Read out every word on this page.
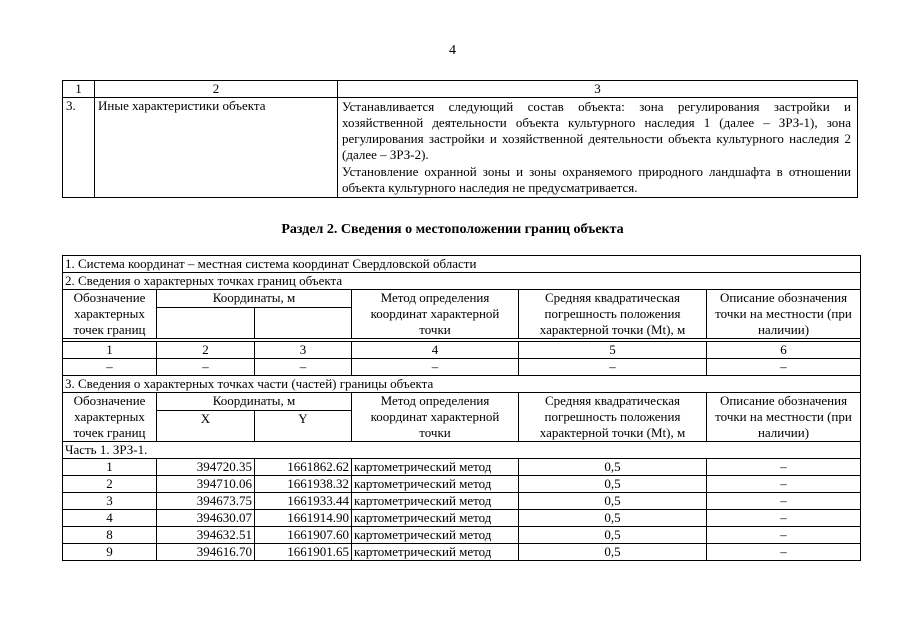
4
1	2	3
3.	Иные характеристики объекта	Устанавливается следующий состав объекта: зона регулирования застройки и хозяйственной деятельности объекта культурного наследия 1 (далее – ЗРЗ-1), зона регулирования застройки и хозяйственной деятельности объекта культурного наследия 2 (далее – ЗРЗ-2).

Установление охранной зоны и зоны охраняемого природного ландшафта в отношении объекта культурного наследия не предусматривается.

Раздел 2. Сведения о местоположении границ объекта
1. Система координат – местная система координат Свердловской области					
2. Сведения о характерных точках границ объекта					
Обозначение характерных точек границ	Координаты, м		Метод определения координат характерной точки	Средняя квадратическая погрешность положения характерной точки (Mt), м	Описание обозначения точки на местности (при наличии)

1	2	3	4	5	6
–	–	–	–	–	–
3. Сведения о характерных точках части (частей) границы объекта					
Обозначение характерных точек границ	Координаты, м		Метод определения координат характерной точки	Средняя квадратическая погрешность положения характерной точки (Mt), м	Описание обозначения точки на местности (при наличии)
	X	Y			
Часть 1. ЗРЗ-1.					
1	394720.35	1661862.62	картометрический метод	0,5	–
2	394710.06	1661938.32	картометрический метод	0,5	–
3	394673.75	1661933.44	картометрический метод	0,5	–
4	394630.07	1661914.90	картометрический метод	0,5	–
8	394632.51	1661907.60	картометрический метод	0,5	–
9	394616.70	1661901.65	картометрический метод	0,5	–
